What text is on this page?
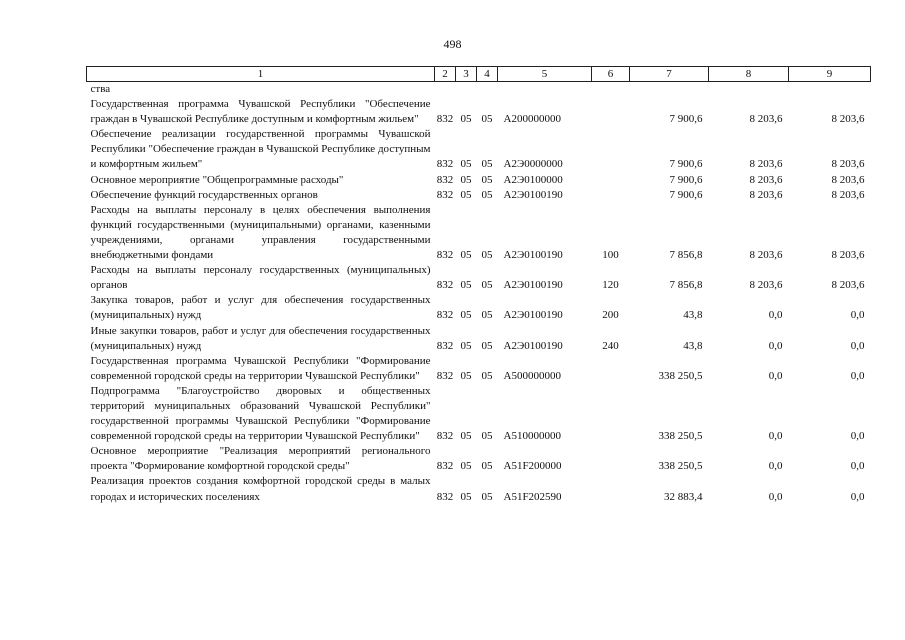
498
1	2	3	4	5	6	7	8	9
ства								
Государственная программа Чувашской Республики "Обеспечение граждан в Чувашской Республике доступным и комфортным жильем"	832	05	05	А200000000		7 900,6	8 203,6	8 203,6
Обеспечение реализации государственной программы Чувашской Республики "Обеспечение граждан в Чувашской Республике доступным и комфортным жильем"	832	05	05	А2Э0000000		7 900,6	8 203,6	8 203,6
Основное мероприятие "Общепрограммные расходы"	832	05	05	А2Э0100000		7 900,6	8 203,6	8 203,6
Обеспечение функций государственных органов	832	05	05	А2Э0100190		7 900,6	8 203,6	8 203,6
Расходы на выплаты персоналу в целях обеспечения выполнения функций государственными (муниципальными) органами, казенными учреждениями, органами управления государственными внебюджетными фондами	832	05	05	А2Э0100190	100	7 856,8	8 203,6	8 203,6
Расходы на выплаты персоналу государственных (муниципальных) органов	832	05	05	А2Э0100190	120	7 856,8	8 203,6	8 203,6
Закупка товаров, работ и услуг для обеспечения государственных (муниципальных) нужд	832	05	05	А2Э0100190	200	43,8	0,0	0,0
Иные закупки товаров, работ и услуг для обеспечения государственных (муниципальных) нужд	832	05	05	А2Э0100190	240	43,8	0,0	0,0
Государственная программа Чувашской Республики "Формирование современной городской среды на территории Чувашской Республики"	832	05	05	А500000000		338 250,5	0,0	0,0
Подпрограмма "Благоустройство дворовых и общественных территорий муниципальных образований Чувашской Республики" государственной программы Чувашской Республики "Формирование современной городской среды на территории Чувашской Республики"	832	05	05	А510000000		338 250,5	0,0	0,0
Основное мероприятие "Реализация мероприятий регионального проекта "Формирование комфортной городской среды"	832	05	05	А51F200000		338 250,5	0,0	0,0
Реализация проектов создания комфортной городской среды в малых городах и исторических поселениях	832	05	05	А51F202590		32 883,4	0,0	0,0
